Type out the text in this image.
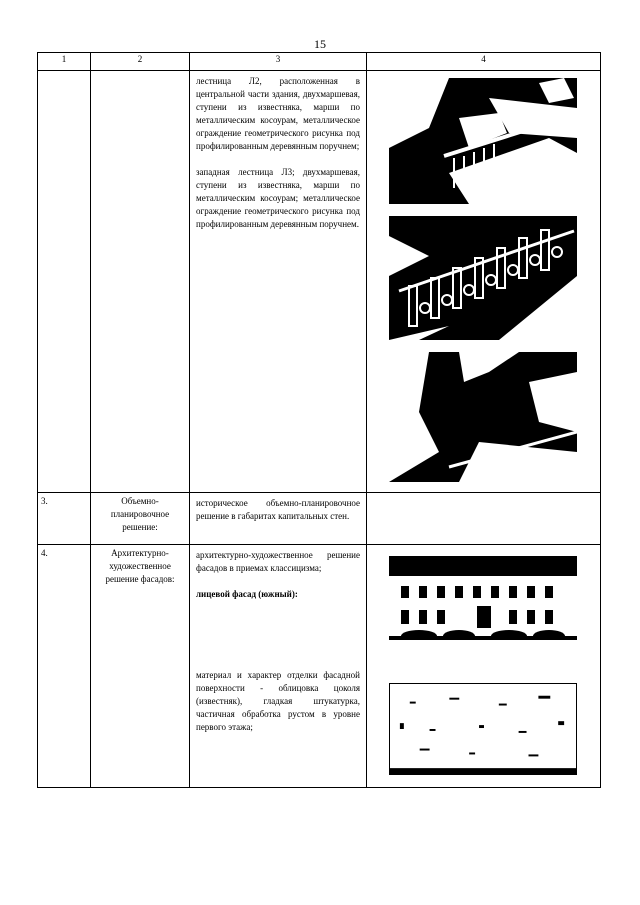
15
1	2	3	4

		лестница Л2, расположенная в центральной части здания, двухмаршевая, ступени из известняка, марши по металлическим косоурам, металлическое ограждение геометрического рисунка под профилированным деревянным поручнем;

западная лестница Л3; двухмаршевая, ступени из известняка, марши по металлическим косоурам; металлическое ограждение геометрического рисунка под профилированным деревянным поручнем.	

3.	Объемно-планировочное решение:	историческое объемно-планировочное решение в габаритах капитальных стен.	
4.	Архитектурно-художественное решение фасадов:	архитектурно-художественное решение фасадов в приемах классицизма;

лицевой фасад (южный):

материал и характер отделки фасадной поверхности - облицовка цоколя (известняк), гладкая штукатурка, частичная обработка рустом в уровне первого этажа;	
